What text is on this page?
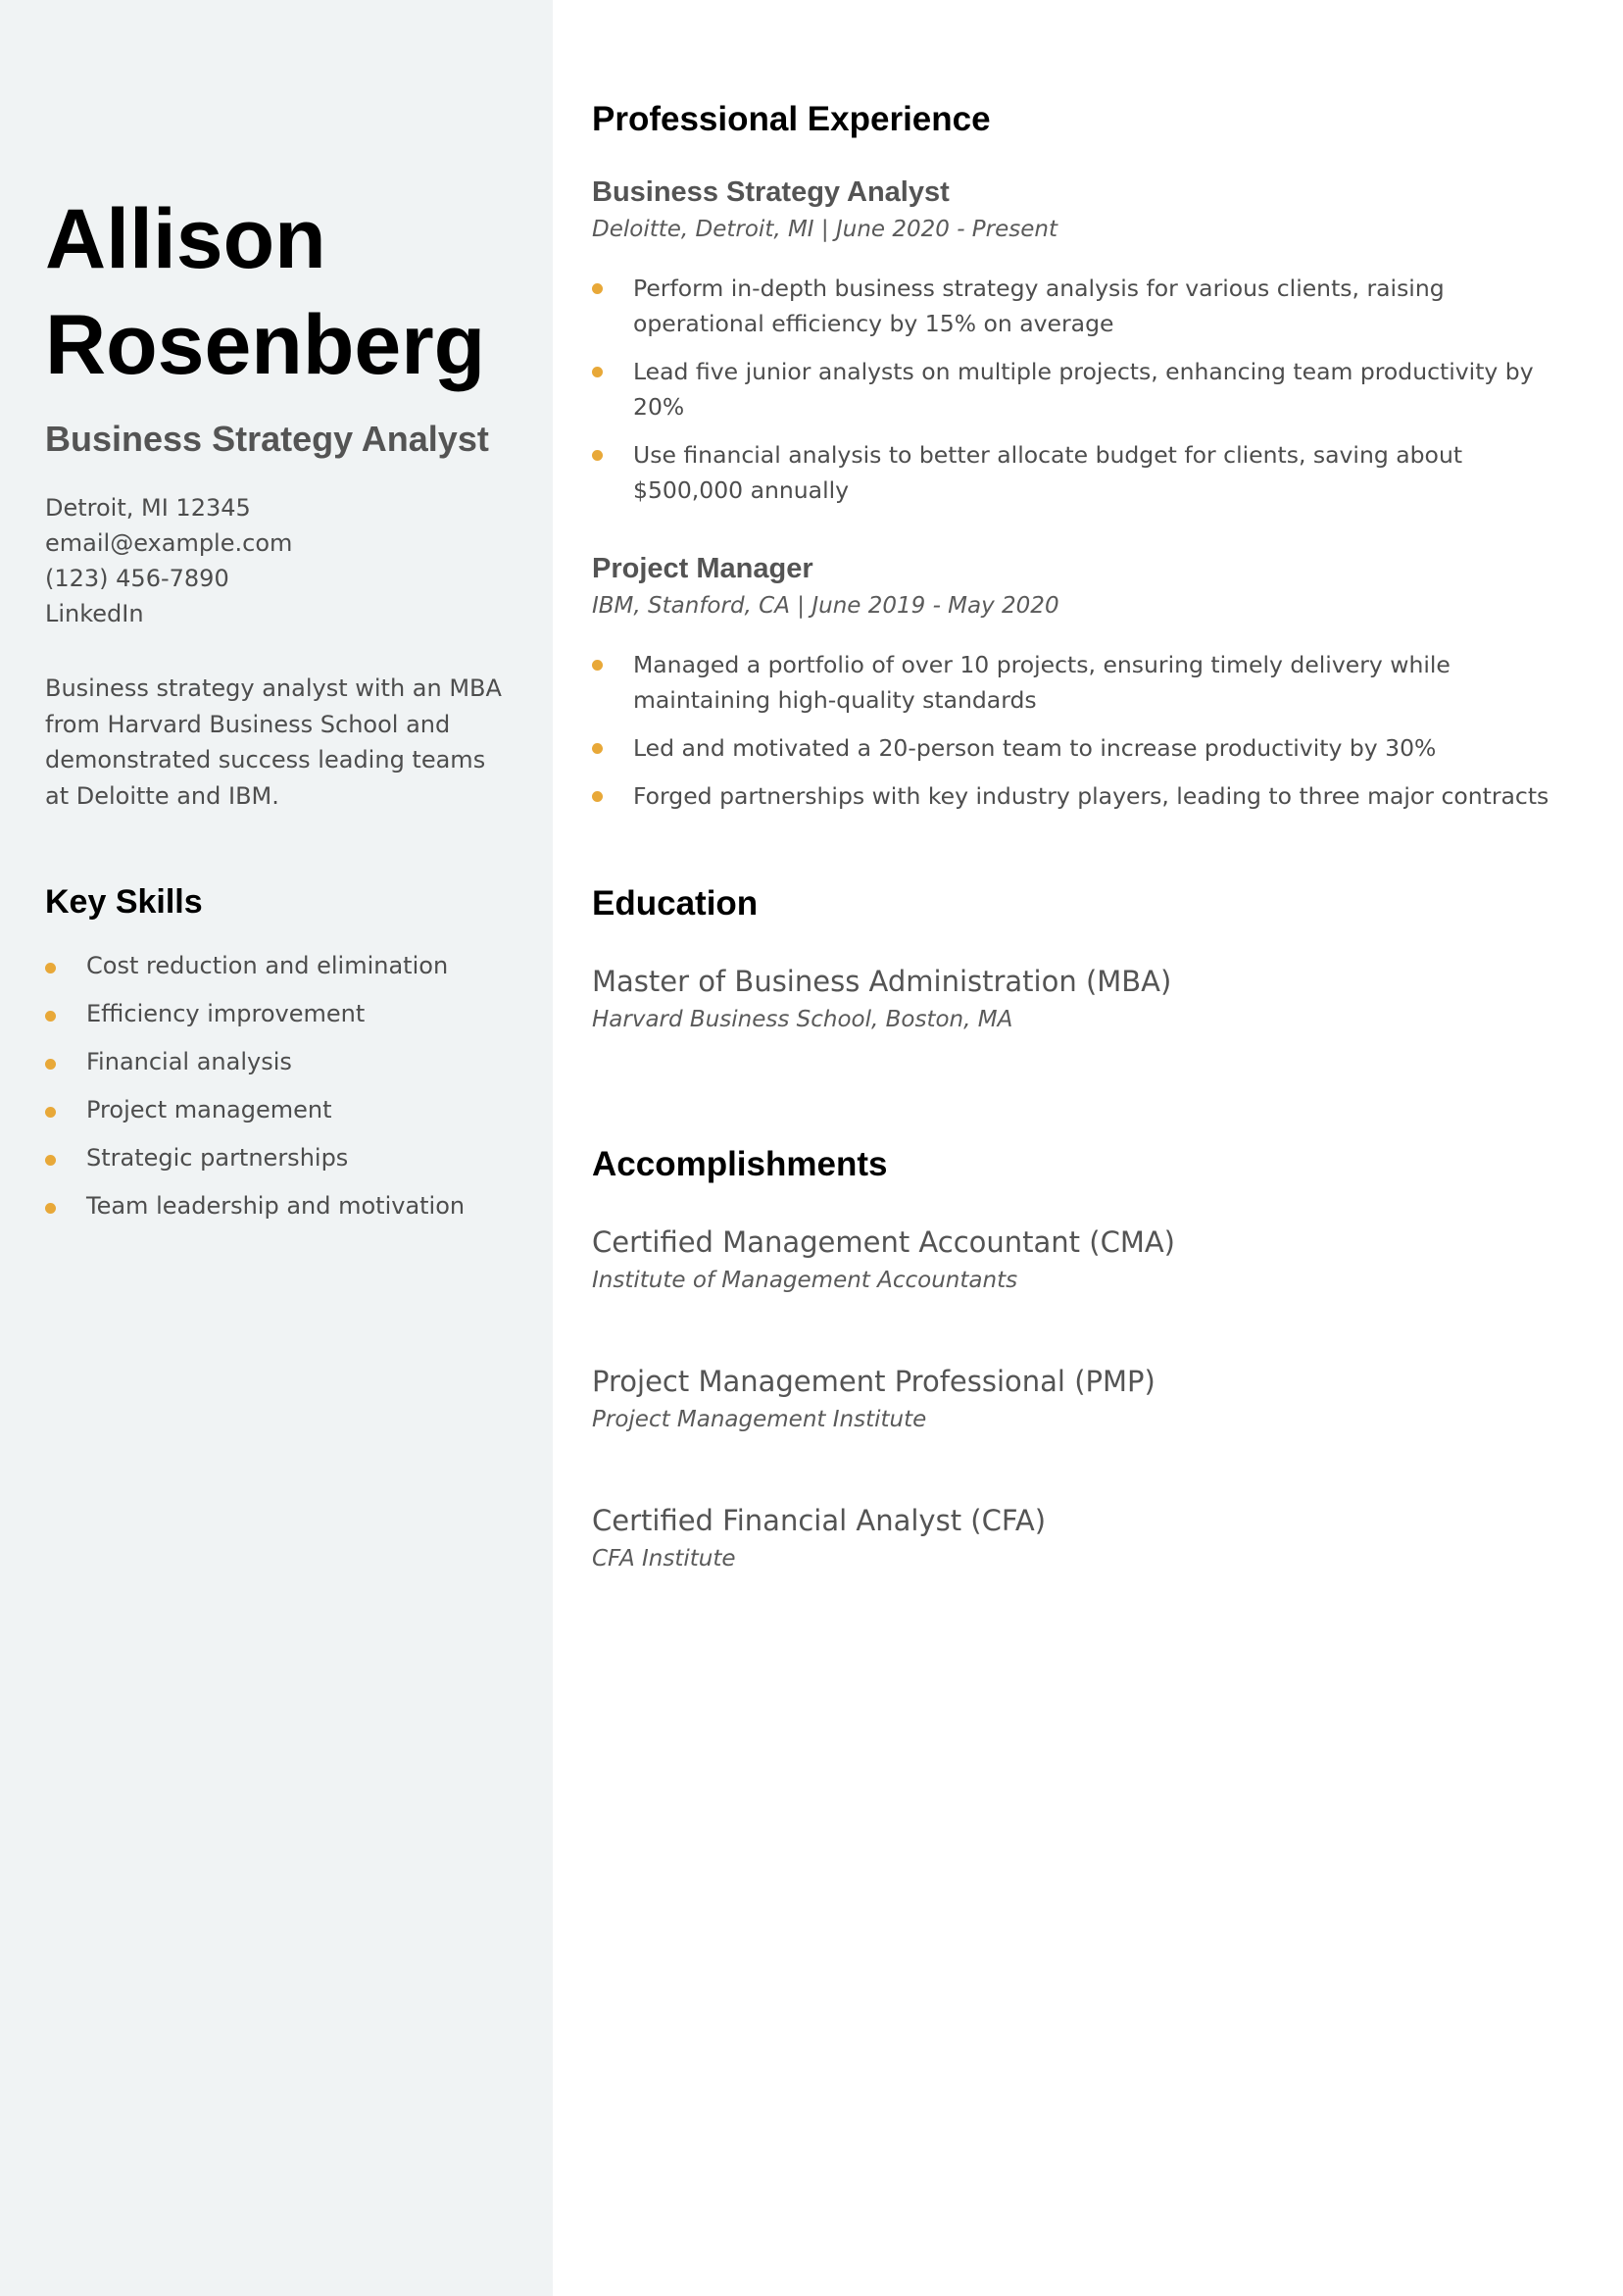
Allison
Rosenberg
Business Strategy Analyst
Detroit, MI 12345
email@example.com
(123) 456-7890
LinkedIn

Business strategy analyst with an MBA from Harvard Business School and demonstrated success leading teams at Deloitte and IBM.

Key Skills
Cost reduction and elimination
Efficiency improvement
Financial analysis
Project management
Strategic partnerships
Team leadership and motivation
Professional Experience
Business Strategy Analyst
Deloitte, Detroit, MI | June 2020 - Present
Perform in-depth business strategy analysis for various clients, raising operational efficiency by 15% on average
Lead five junior analysts on multiple projects, enhancing team productivity by 20%
Use financial analysis to better allocate budget for clients, saving about $500,000 annually
Project Manager
IBM, Stanford, CA | June 2019 - May 2020
Managed a portfolio of over 10 projects, ensuring timely delivery while maintaining high-quality standards
Led and motivated a 20-person team to increase productivity by 30%
Forged partnerships with key industry players, leading to three major contracts
Education
Master of Business Administration (MBA)
Harvard Business School, Boston, MA
Accomplishments
Certified Management Accountant (CMA)
Institute of Management Accountants
Project Management Professional (PMP)
Project Management Institute
Certified Financial Analyst (CFA)
CFA Institute
